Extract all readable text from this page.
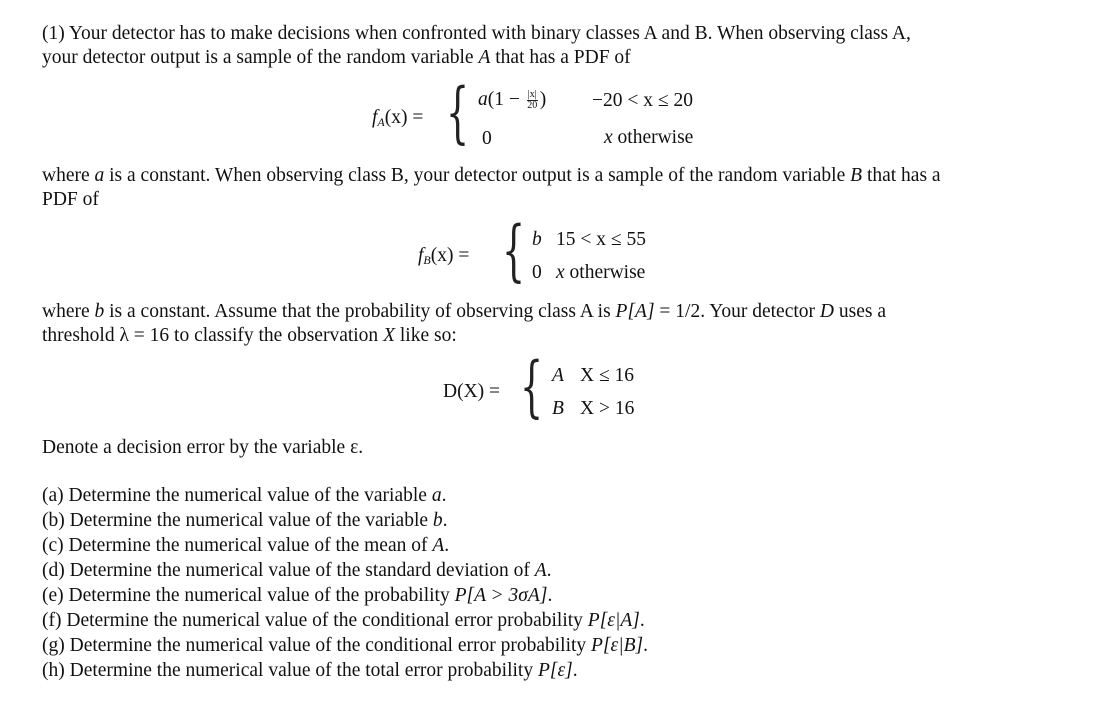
(1) Your detector has to make decisions when confronted with binary classes A and B. When observing class A,
your detector output is a sample of the random variable A that has a PDF of
fA(x) = { $a(1 - \frac{|x|}{20}$ ) −20 < x ≤ 20
0	x otherwise
where a is a constant. When observing class B, your detector output is a sample of the random variable B that has a
PDF of
fB(x) = { b 15 < x ≤ 55
0 x otherwise
where b is a constant. Assume that the probability of observing class A is P[A] = 1/2. Your detector D uses a
threshold λ = 16 to classify the observation X like so:
D(X) = { A X ≤ 16
B X > 16
Denote a decision error by the variable ε.
(a) Determine the numerical value of the variable a.
(b) Determine the numerical value of the variable b.
(c) Determine the numerical value of the mean of A.
(d) Determine the numerical value of the standard deviation of A.
(e) Determine the numerical value of the probability P[A > 3σA].
(f) Determine the numerical value of the conditional error probability P[ε|A].
(g) Determine the numerical value of the conditional error probability P[ε|B].
(h) Determine the numerical value of the total error probability P[ε].
